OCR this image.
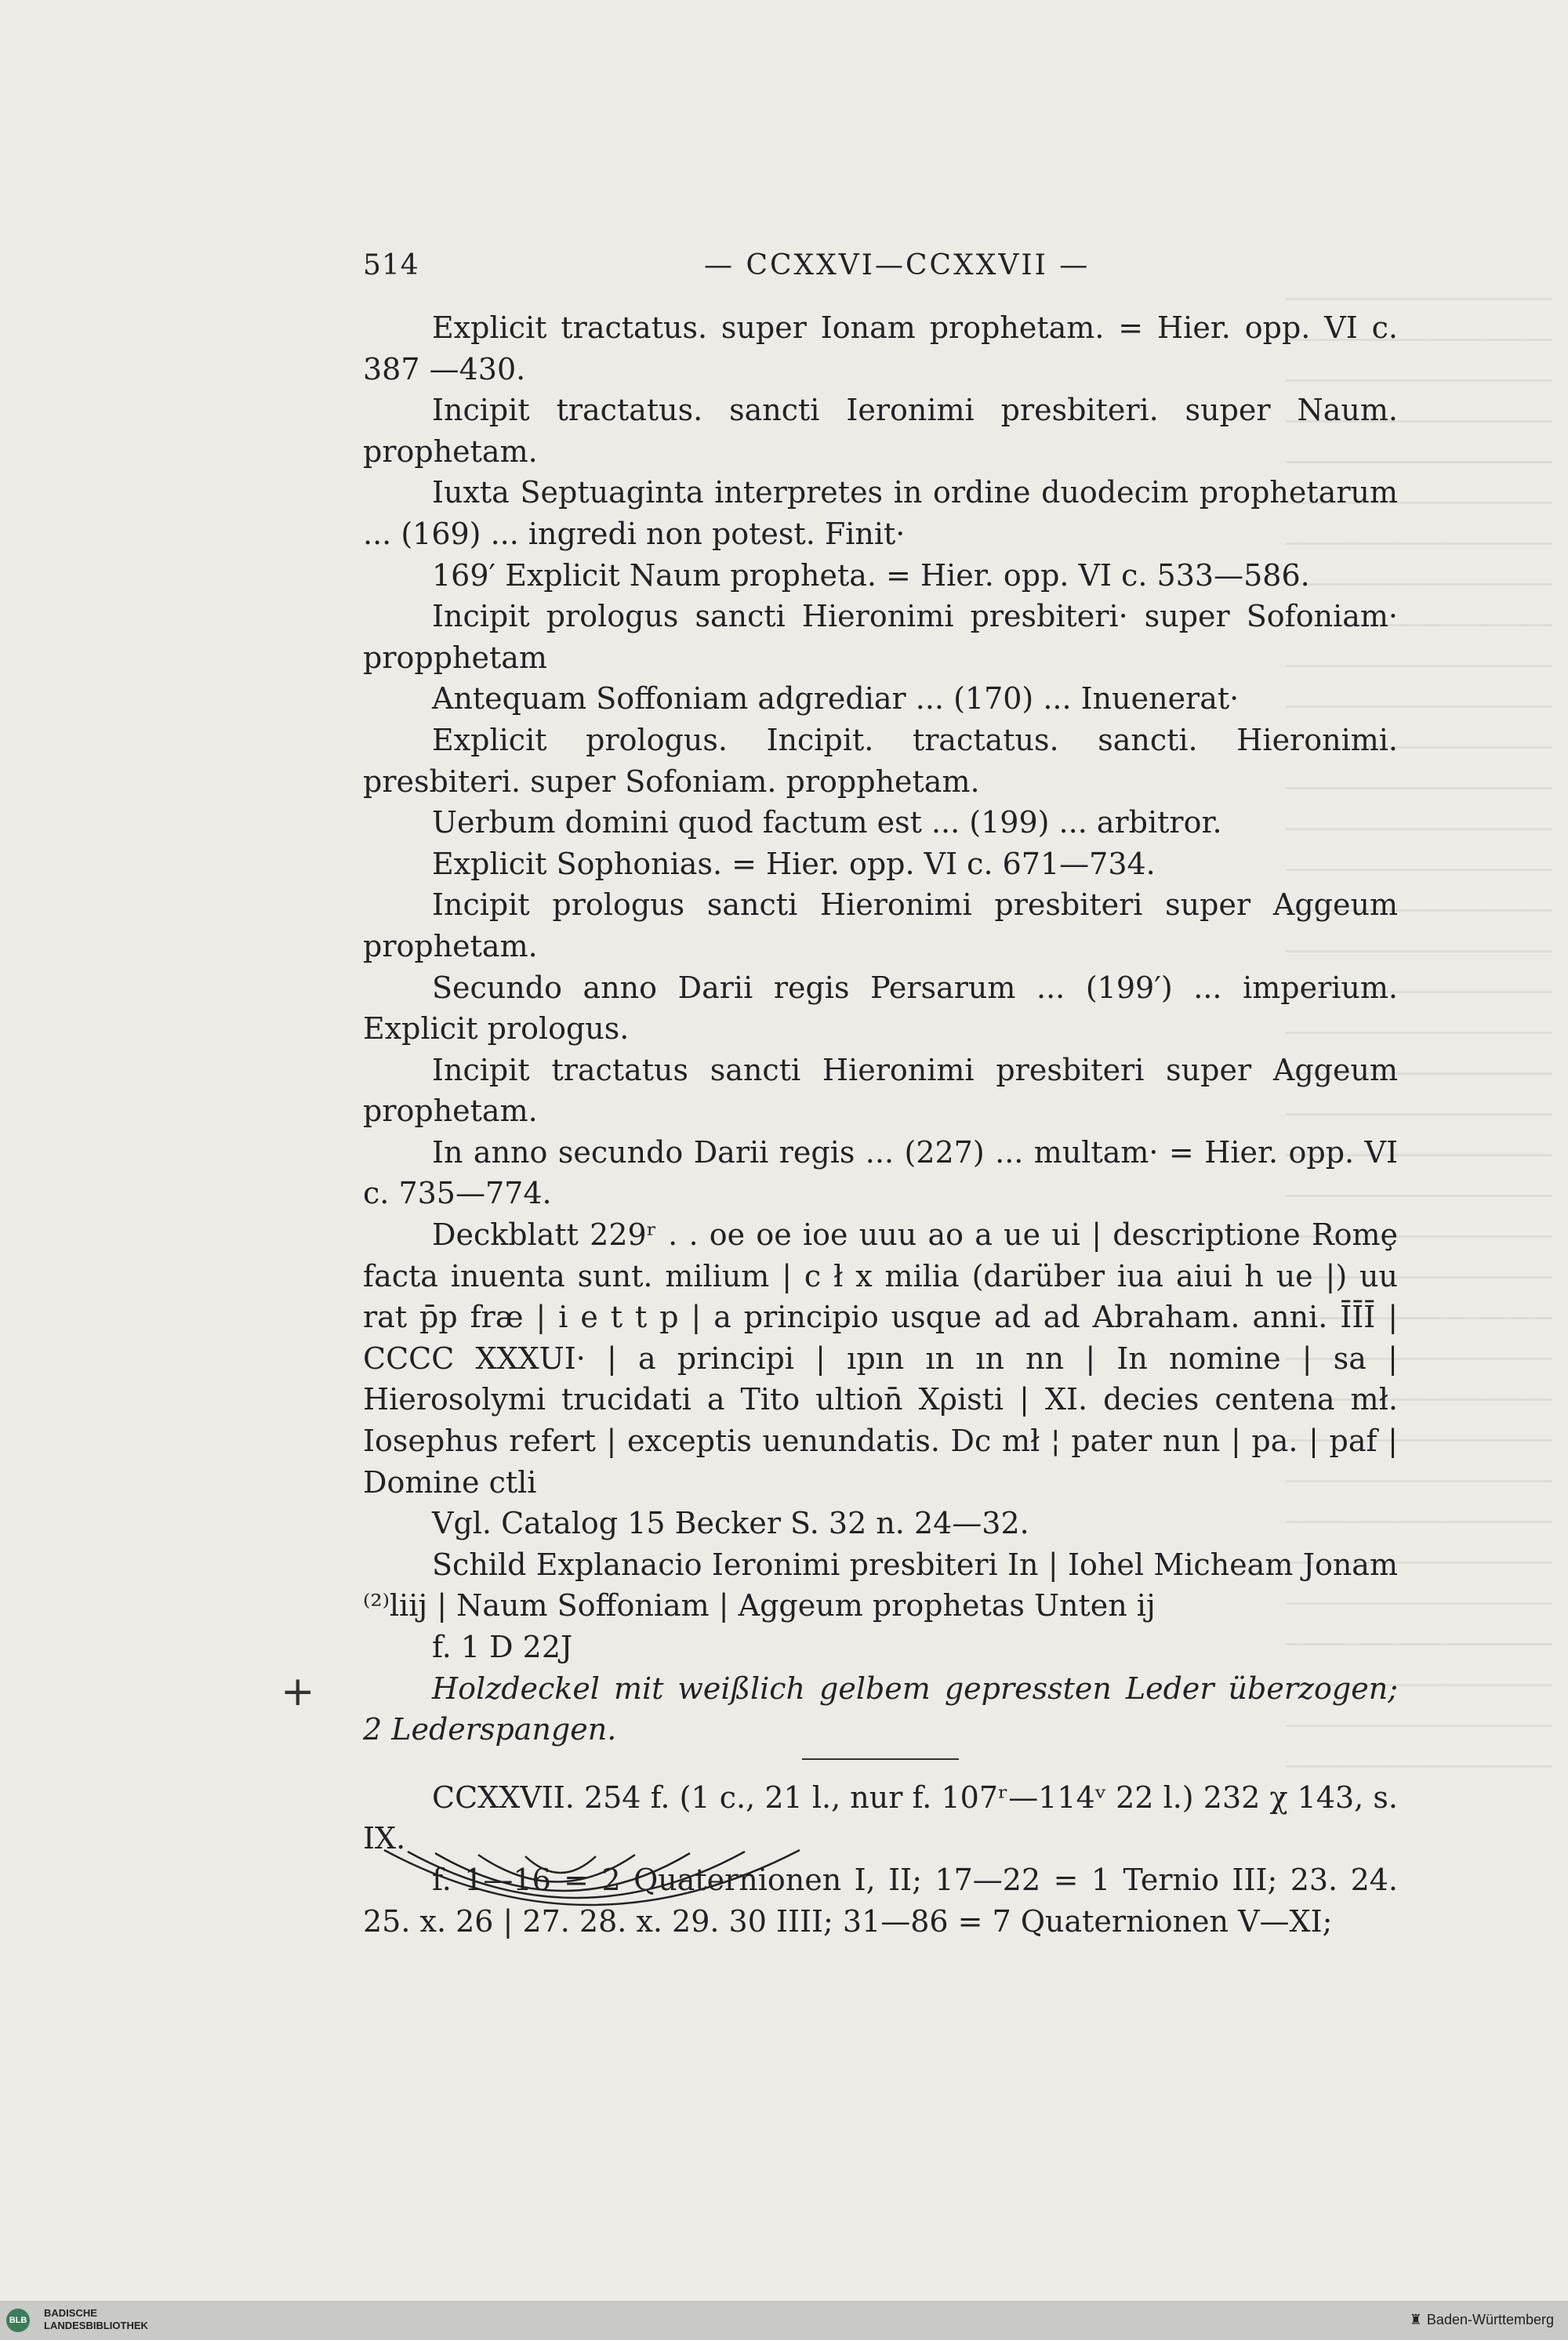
514	— CCXXVI—CCXXVII —

Explicit tractatus. super Ionam prophetam. = Hier. opp. VI c. 387 —430.

Incipit tractatus. sancti Ieronimi presbiteri. super Naum. prophetam.

Iuxta Septuaginta interpretes in ordine duodecim prophetarum ... (169) ... ingredi non potest. Finit·

169′ Explicit Naum propheta. = Hier. opp. VI c. 533—586.

Incipit prologus sancti Hieronimi presbiteri· super Sofoniam· propphetam

Antequam Soffoniam adgrediar ... (170) ... Inuenerat·

Explicit prologus. Incipit. tractatus. sancti. Hieronimi. presbiteri. super Sofoniam. propphetam.

Uerbum domini quod factum est ... (199) ... arbitror.

Explicit Sophonias. = Hier. opp. VI c. 671—734.

Incipit prologus sancti Hieronimi presbiteri super Aggeum prophetam.

Secundo anno Darii regis Persarum ... (199′) ... imperium. Explicit prologus.

Incipit tractatus sancti Hieronimi presbiteri super Aggeum prophetam.

In anno secundo Darii regis ... (227) ... multam· = Hier. opp. VI c. 735—774.

Deckblatt 229ʳ . . oe oe ioe uuu ao a ue ui | descriptione Romȩ facta inuenta sunt. milium | c ł x milia (darüber iua aiui h ue |) uu rat p̄p fræ | i e t t p | a principio usque ad ad Abraham. anni. ĪĪĪ | CCCC XXXUI· | a principi | ıpın ın ın nn | In nomine | sa | Hierosolymi trucidati a Tito ultion̄ Xρisti | XI. decies centena mł. Iosephus refert | exceptis uenundatis. Dc mł ¦ pater nun | pa. | paf | Domine ctli

Vgl. Catalog 15 Becker S. 32 n. 24—32.

Schild Explanacio Ieronimi presbiteri In | Iohel Micheam Jonam ⁽²⁾liij | Naum Soffoniam | Aggeum prophetas Unten ij

f. 1 D 22J

Holzdeckel mit weißlich gelbem gepressten Leder überzogen; 2 Lederspangen.

CCXXVII. 254 f. (1 c., 21 l., nur f. 107ʳ—114ᵛ 22 l.) 232 χ 143, s. IX.

f. 1—16 = 2 Quaternionen I, II; 17—22 = 1 Ternio III; 23. 24. 25. x. 26 | 27. 28. x. 29. 30 IIII; 31—86 = 7 Quaternionen V—XI;

+
BLB
BADISCHE
LANDESBIBLIOTHEK	♜ Baden-Württemberg
